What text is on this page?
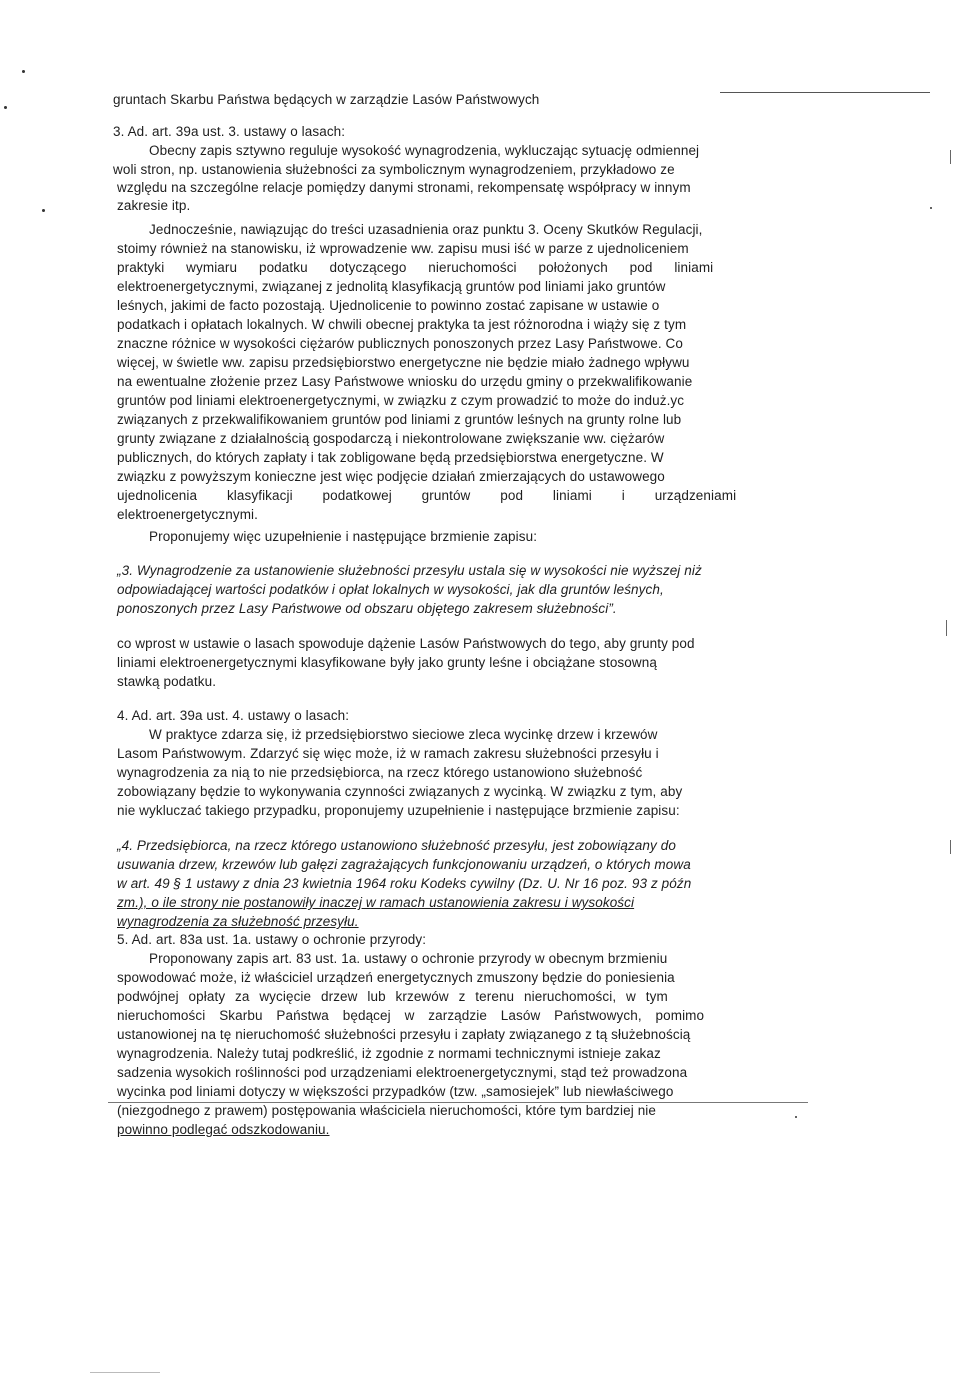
gruntach Skarbu Państwa będących w zarządzie Lasów Państwowych
3. Ad. art. 39a ust. 3. ustawy o lasach:
Obecny zapis sztywno reguluje wysokość wynagrodzenia, wykluczając sytuację odmiennej
woli stron, np. ustanowienia służebności za symbolicznym wynagrodzeniem, przykładowo ze
względu na szczególne relacje pomiędzy danymi stronami, rekompensatę współpracy w innym
zakresie itp.
Jednocześnie, nawiązując do treści uzasadnienia oraz punktu 3. Oceny Skutków Regulacji,
stoimy również na stanowisku, iż wprowadzenie ww. zapisu musi iść w parze z ujednoliceniem
praktyki wymiaru podatku dotyczącego nieruchomości położonych pod liniami
elektroenergetycznymi, związanej z jednolitą klasyfikacją gruntów pod liniami jako gruntów
leśnych, jakimi de facto pozostają. Ujednolicenie to powinno zostać zapisane w ustawie o
podatkach i opłatach lokalnych. W chwili obecnej praktyka ta jest różnorodna i wiąży się z tym
znaczne różnice w wysokości ciężarów publicznych ponoszonych przez Lasy Państwowe. Co
więcej, w świetle ww. zapisu przedsiębiorstwo energetyczne nie będzie miało żadnego wpływu
na ewentualne złożenie przez Lasy Państwowe wniosku do urzędu gminy o przekwalifikowanie
gruntów pod liniami elektroenergetycznymi, w związku z czym prowadzić to może do induż.yc
związanych z przekwalifikowaniem gruntów pod liniami z gruntów leśnych na grunty rolne lub
grunty związane z działalnością gospodarczą i niekontrolowane zwiększanie ww. ciężarów
publicznych, do których zapłaty i tak zobligowane będą przedsiębiorstwa energetyczne. W
związku z powyższym konieczne jest więc podjęcie działań zmierzających do ustawowego
ujednolicenia klasyfikacji podatkowej gruntów pod liniami i urządzeniami
elektroenergetycznymi.
Proponujemy więc uzupełnienie i następujące brzmienie zapisu:
„3. Wynagrodzenie za ustanowienie służebności przesyłu ustala się w wysokości nie wyższej niż
odpowiadającej wartości podatków i opłat lokalnych w wysokości, jak dla gruntów leśnych,
ponoszonych przez Lasy Państwowe od obszaru objętego zakresem służebności”.
co wprost w ustawie o lasach spowoduje dążenie Lasów Państwowych do tego, aby grunty pod
liniami elektroenergetycznymi klasyfikowane były jako grunty leśne i obciążane stosowną
stawką podatku.
4. Ad. art. 39a ust. 4. ustawy o lasach:
W praktyce zdarza się, iż przedsiębiorstwo sieciowe zleca wycinkę drzew i krzewów
Lasom Państwowym. Zdarzyć się więc może, iż w ramach zakresu służebności przesyłu i
wynagrodzenia za nią to nie przedsiębiorca, na rzecz którego ustanowiono służebność
zobowiązany będzie to wykonywania czynności związanych z wycinką. W związku z tym, aby
nie wykluczać takiego przypadku, proponujemy uzupełnienie i następujące brzmienie zapisu:
„4. Przedsiębiorca, na rzecz którego ustanowiono służebność przesyłu, jest zobowiązany do
usuwania drzew, krzewów lub gałęzi zagrażających funkcjonowaniu urządzeń, o których mowa
w art. 49 § 1 ustawy z dnia 23 kwietnia 1964 roku Kodeks cywilny (Dz. U. Nr 16 poz. 93 z późn
zm.), o ile strony nie postanowiły inaczej w ramach ustanowienia zakresu i wysokości
wynagrodzenia za służebność przesyłu.
5. Ad. art. 83a ust. 1a. ustawy o ochronie przyrody:
Proponowany zapis art. 83 ust. 1a. ustawy o ochronie przyrody w obecnym brzmieniu
spowodować może, iż właściciel urządzeń energetycznych zmuszony będzie do poniesienia
podwójnej opłaty za wycięcie drzew lub krzewów z terenu nieruchomości, w tym
nieruchomości Skarbu Państwa będącej w zarządzie Lasów Państwowych, pomimo
ustanowionej na tę nieruchomość służebności przesyłu i zapłaty związanego z tą służebnością
wynagrodzenia. Należy tutaj podkreślić, iż zgodnie z normami technicznymi istnieje zakaz
sadzenia wysokich roślinności pod urządzeniami elektroenergetycznymi, stąd też prowadzona
wycinka pod liniami dotyczy w większości przypadków (tzw. „samosiejek” lub niewłaściwego
(niezgodnego z prawem) postępowania właściciela nieruchomości, które tym bardziej nie
powinno podlegać odszkodowaniu.
